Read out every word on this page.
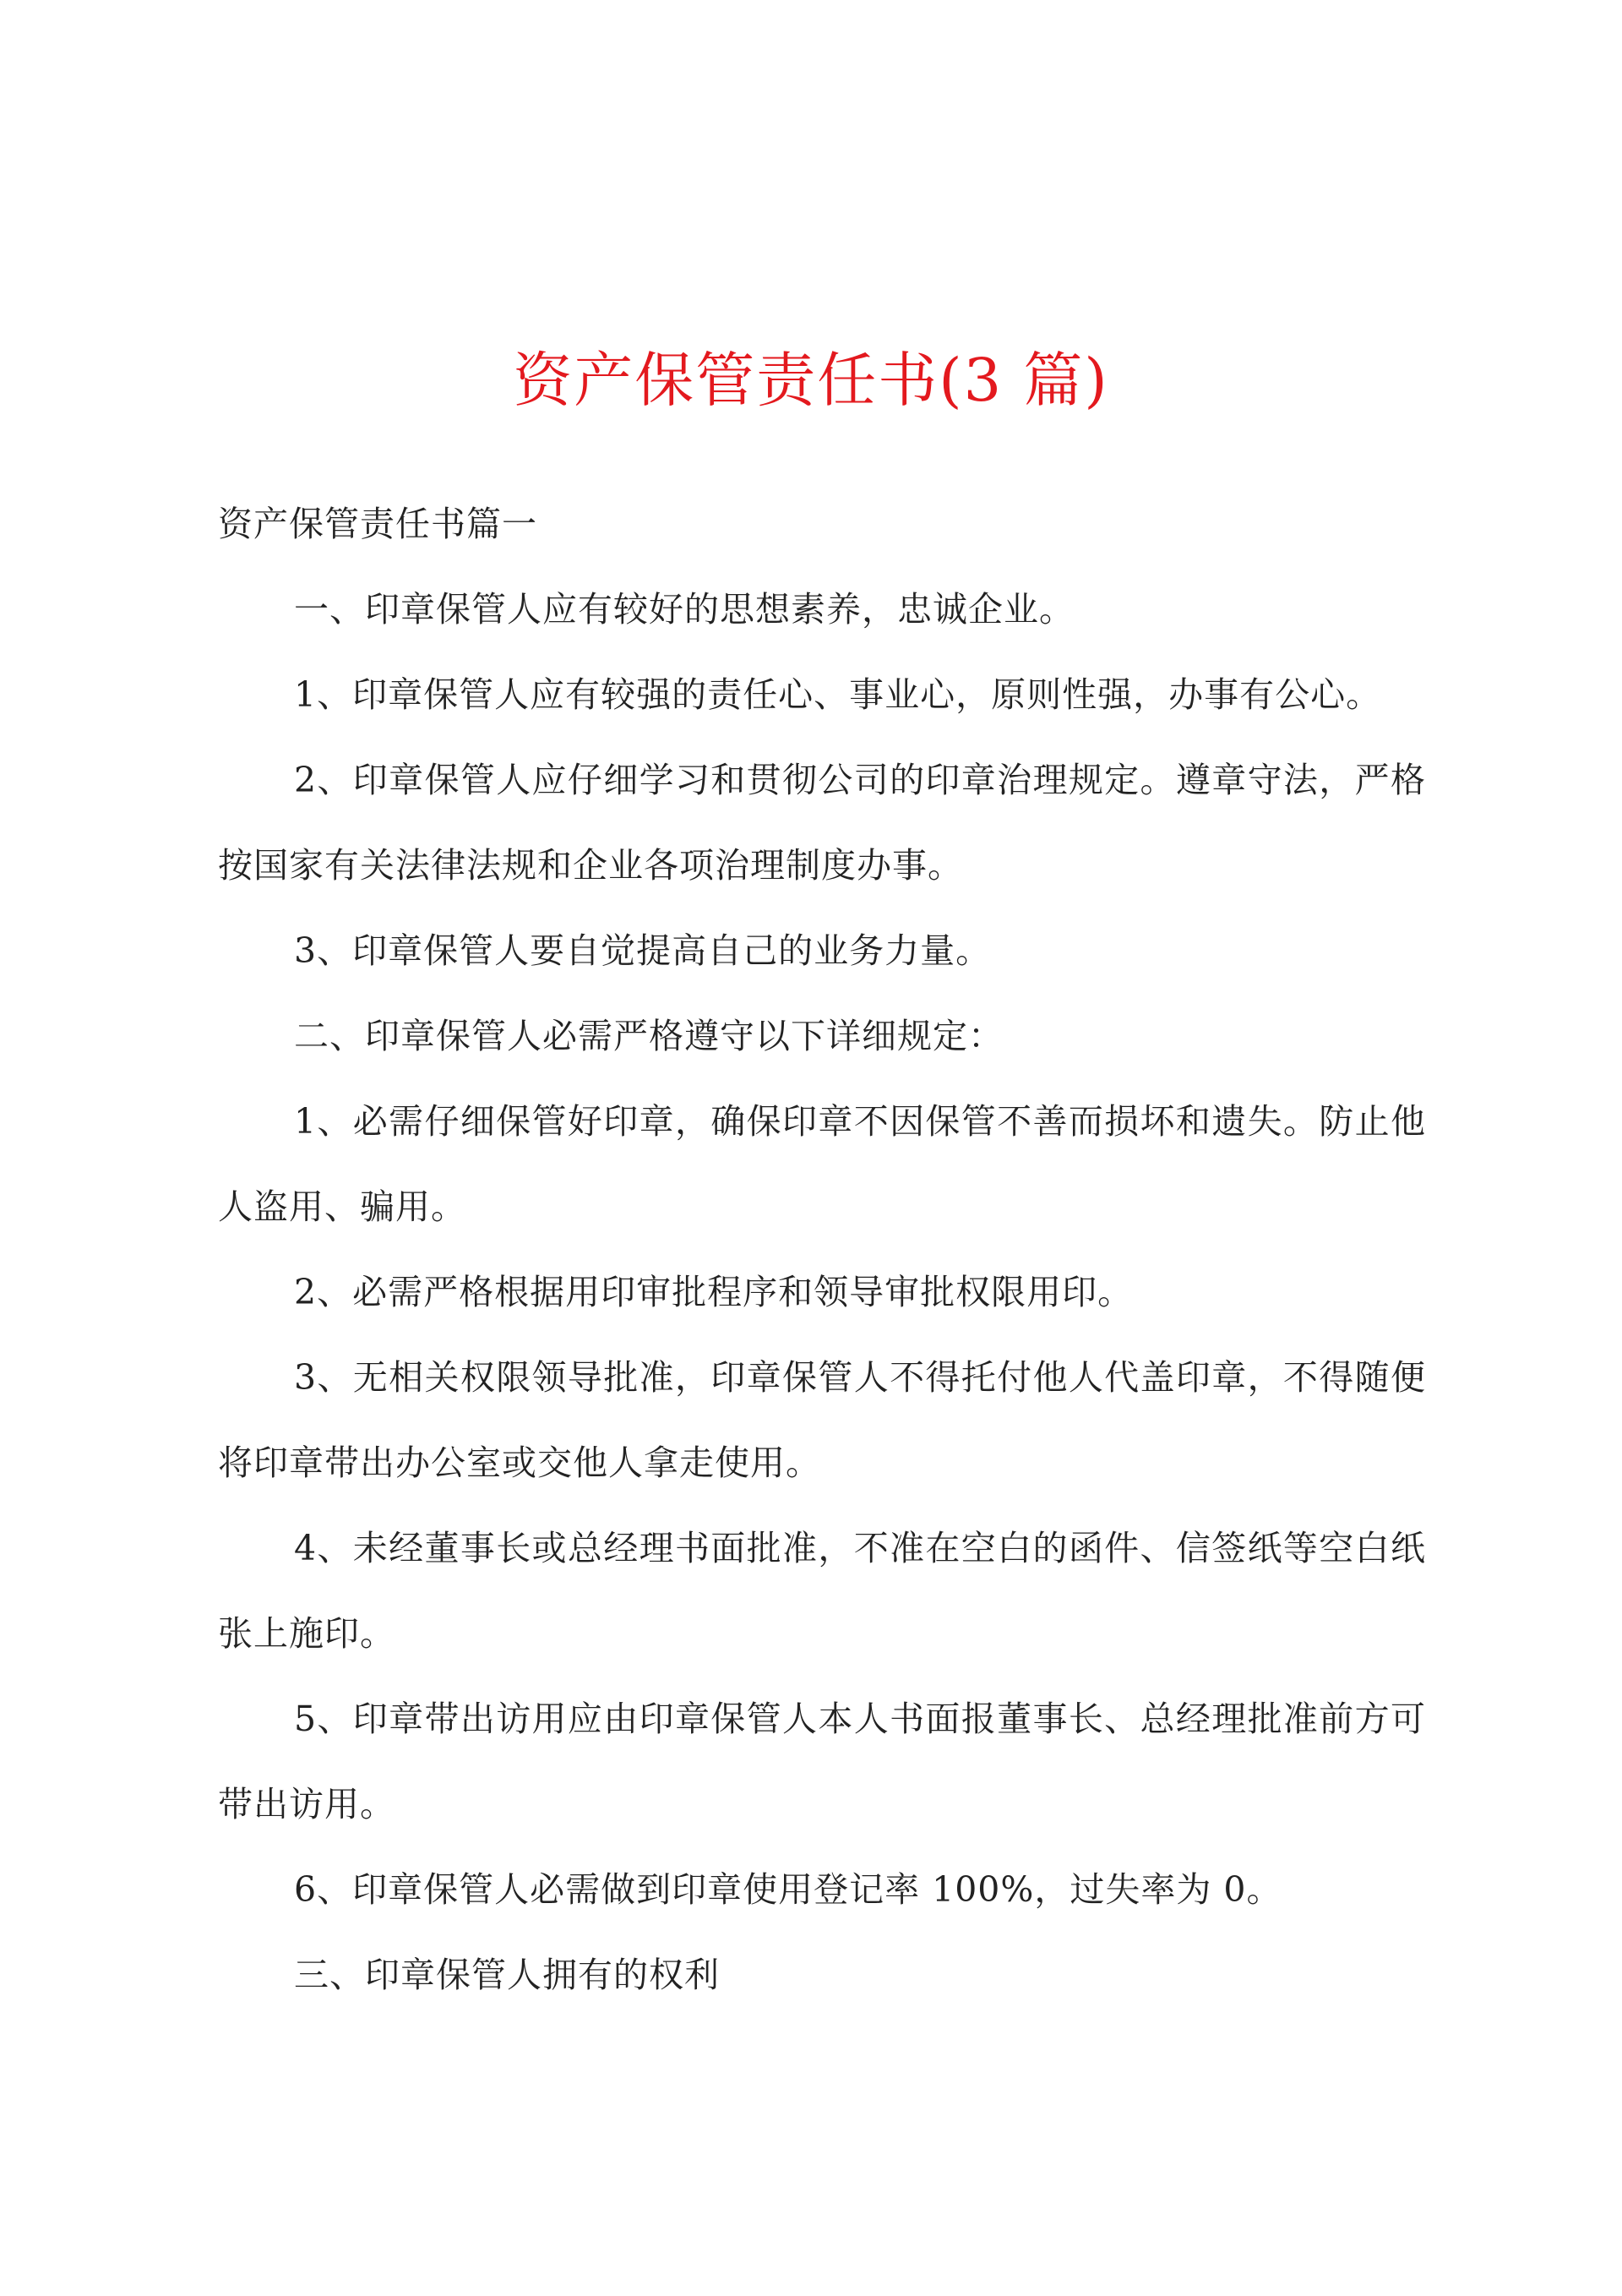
资产保管责任书(3 篇)

资产保管责任书篇一

一、印章保管人应有较好的思想素养，忠诚企业。

1、印章保管人应有较强的责任心、事业心，原则性强，办事有公心。

2、印章保管人应仔细学习和贯彻公司的印章治理规定。遵章守法，严格按国家有关法律法规和企业各项治理制度办事。

3、印章保管人要自觉提高自己的业务力量。

二、印章保管人必需严格遵守以下详细规定：

1、必需仔细保管好印章，确保印章不因保管不善而损坏和遗失。防止他人盗用、骗用。

2、必需严格根据用印审批程序和领导审批权限用印。

3、无相关权限领导批准，印章保管人不得托付他人代盖印章，不得随便将印章带出办公室或交他人拿走使用。

4、未经董事长或总经理书面批准，不准在空白的函件、信签纸等空白纸张上施印。

5、印章带出访用应由印章保管人本人书面报董事长、总经理批准前方可带出访用。

6、印章保管人必需做到印章使用登记率 100%，过失率为 0。

三、印章保管人拥有的权利
